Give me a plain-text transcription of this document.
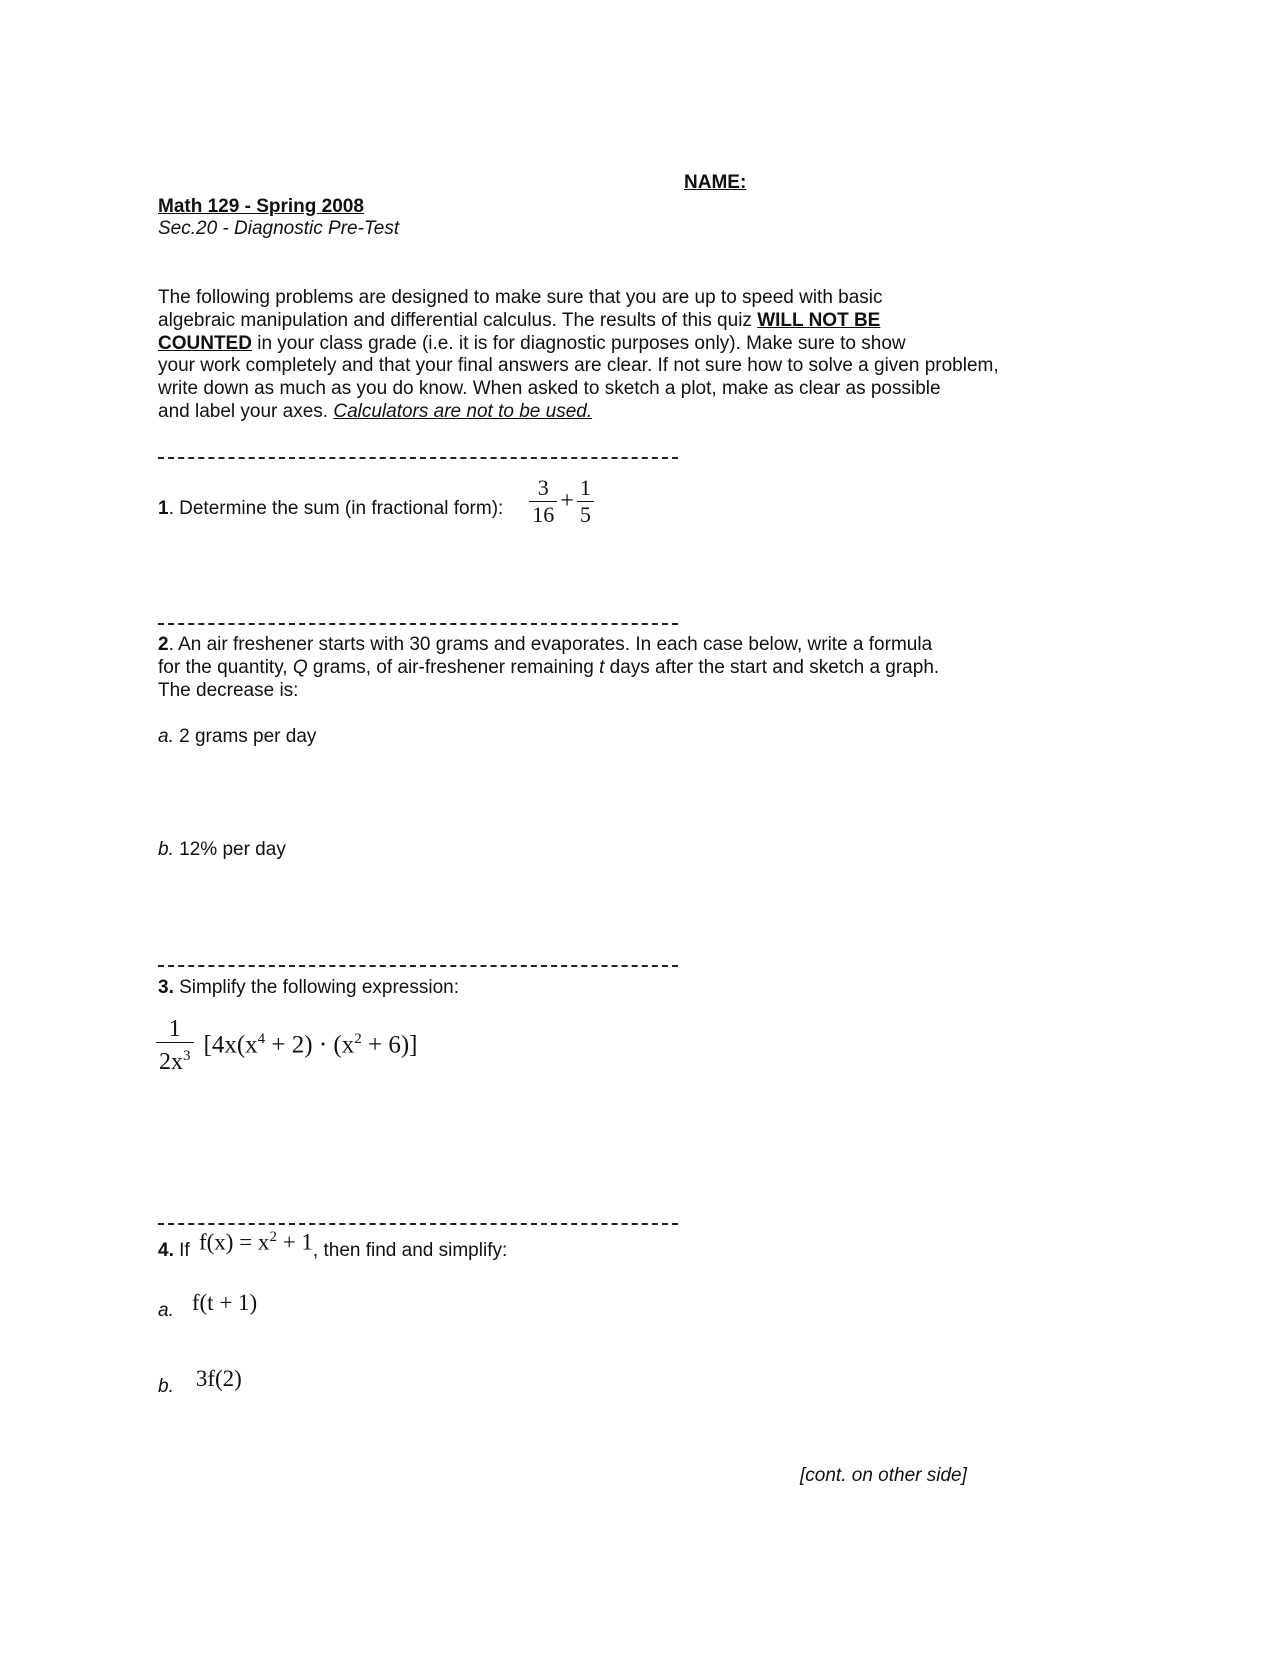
NAME:
Math 129 - Spring 2008
Sec.20 - Diagnostic Pre-Test
The following problems are designed to make sure that you are up to speed with basic
algebraic manipulation and differential calculus. The results of this quiz WILL NOT BE
COUNTED in your class grade (i.e. it is for diagnostic purposes only). Make sure to show
your work completely and that your final answers are clear. If not sure how to solve a given problem,
write down as much as you do know. When asked to sketch a plot, make as clear as possible
and label your axes. Calculators are not to be used.
1. Determine the sum (in fractional form): $\frac{3}{16} + \frac{1}{5}$
2. An air freshener starts with 30 grams and evaporates. In each case below, write a formula
for the quantity, Q grams, of air-freshener remaining t days after the start and sketch a graph.
The decrease is:
a. 2 grams per day
b. 12% per day
3. Simplify the following expression:
$\frac{1}{2x^3} [4x(x^4 + 2) \cdot (x^2 + 6)]$
4. If $f(x) = x^2 + 1$ , then find and simplify:
a. f(t + 1)
b. 3f(2)
[cont. on other side]
